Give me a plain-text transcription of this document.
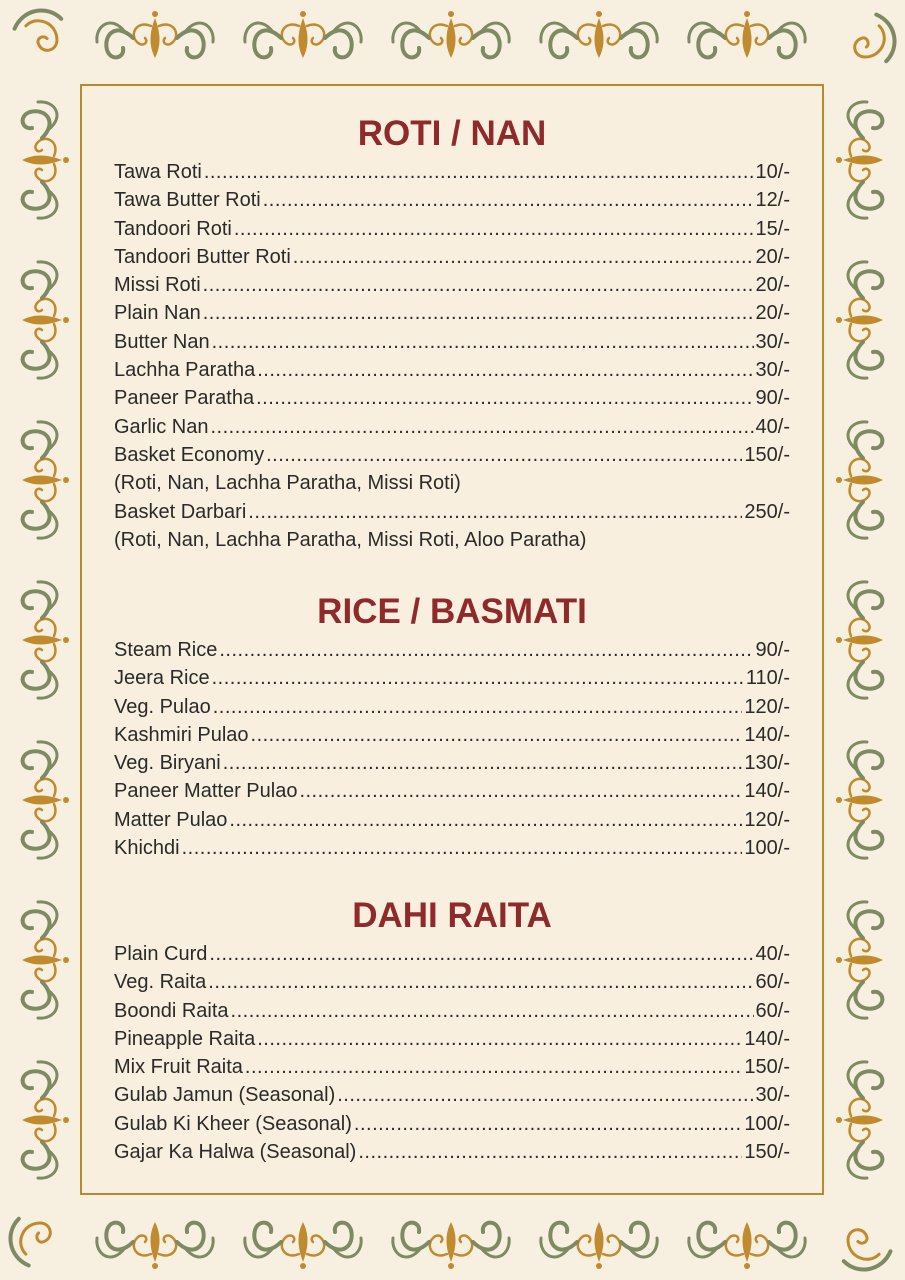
ROTI / NAN
Tawa Roti .....	10/-
Tawa Butter Roti .....	12/-
Tandoori Roti .....	15/-
Tandoori Butter Roti .....	20/-
Missi Roti .....	20/-
Plain Nan .....	20/-
Butter Nan .....	30/-
Lachha Paratha .....	30/-
Paneer Paratha .....	90/-
Garlic Nan .....	40/-
Basket Economy .....	150/-
(Roti, Nan, Lachha Paratha, Missi Roti)
Basket Darbari .....	250/-
(Roti, Nan, Lachha Paratha, Missi Roti, Aloo Paratha)
RICE / BASMATI
Steam Rice .....	90/-
Jeera Rice .....	110/-
Veg. Pulao .....	120/-
Kashmiri Pulao .....	140/-
Veg. Biryani .....	130/-
Paneer Matter Pulao .....	140/-
Matter Pulao .....	120/-
Khichdi .....	100/-
DAHI RAITA
Plain Curd .....	40/-
Veg. Raita .....	60/-
Boondi Raita .....	60/-
Pineapple Raita .....	140/-
Mix Fruit Raita .....	150/-
Gulab Jamun (Seasonal) .....	30/-
Gulab Ki Kheer (Seasonal) .....	100/-
Gajar Ka Halwa (Seasonal) .....	150/-
